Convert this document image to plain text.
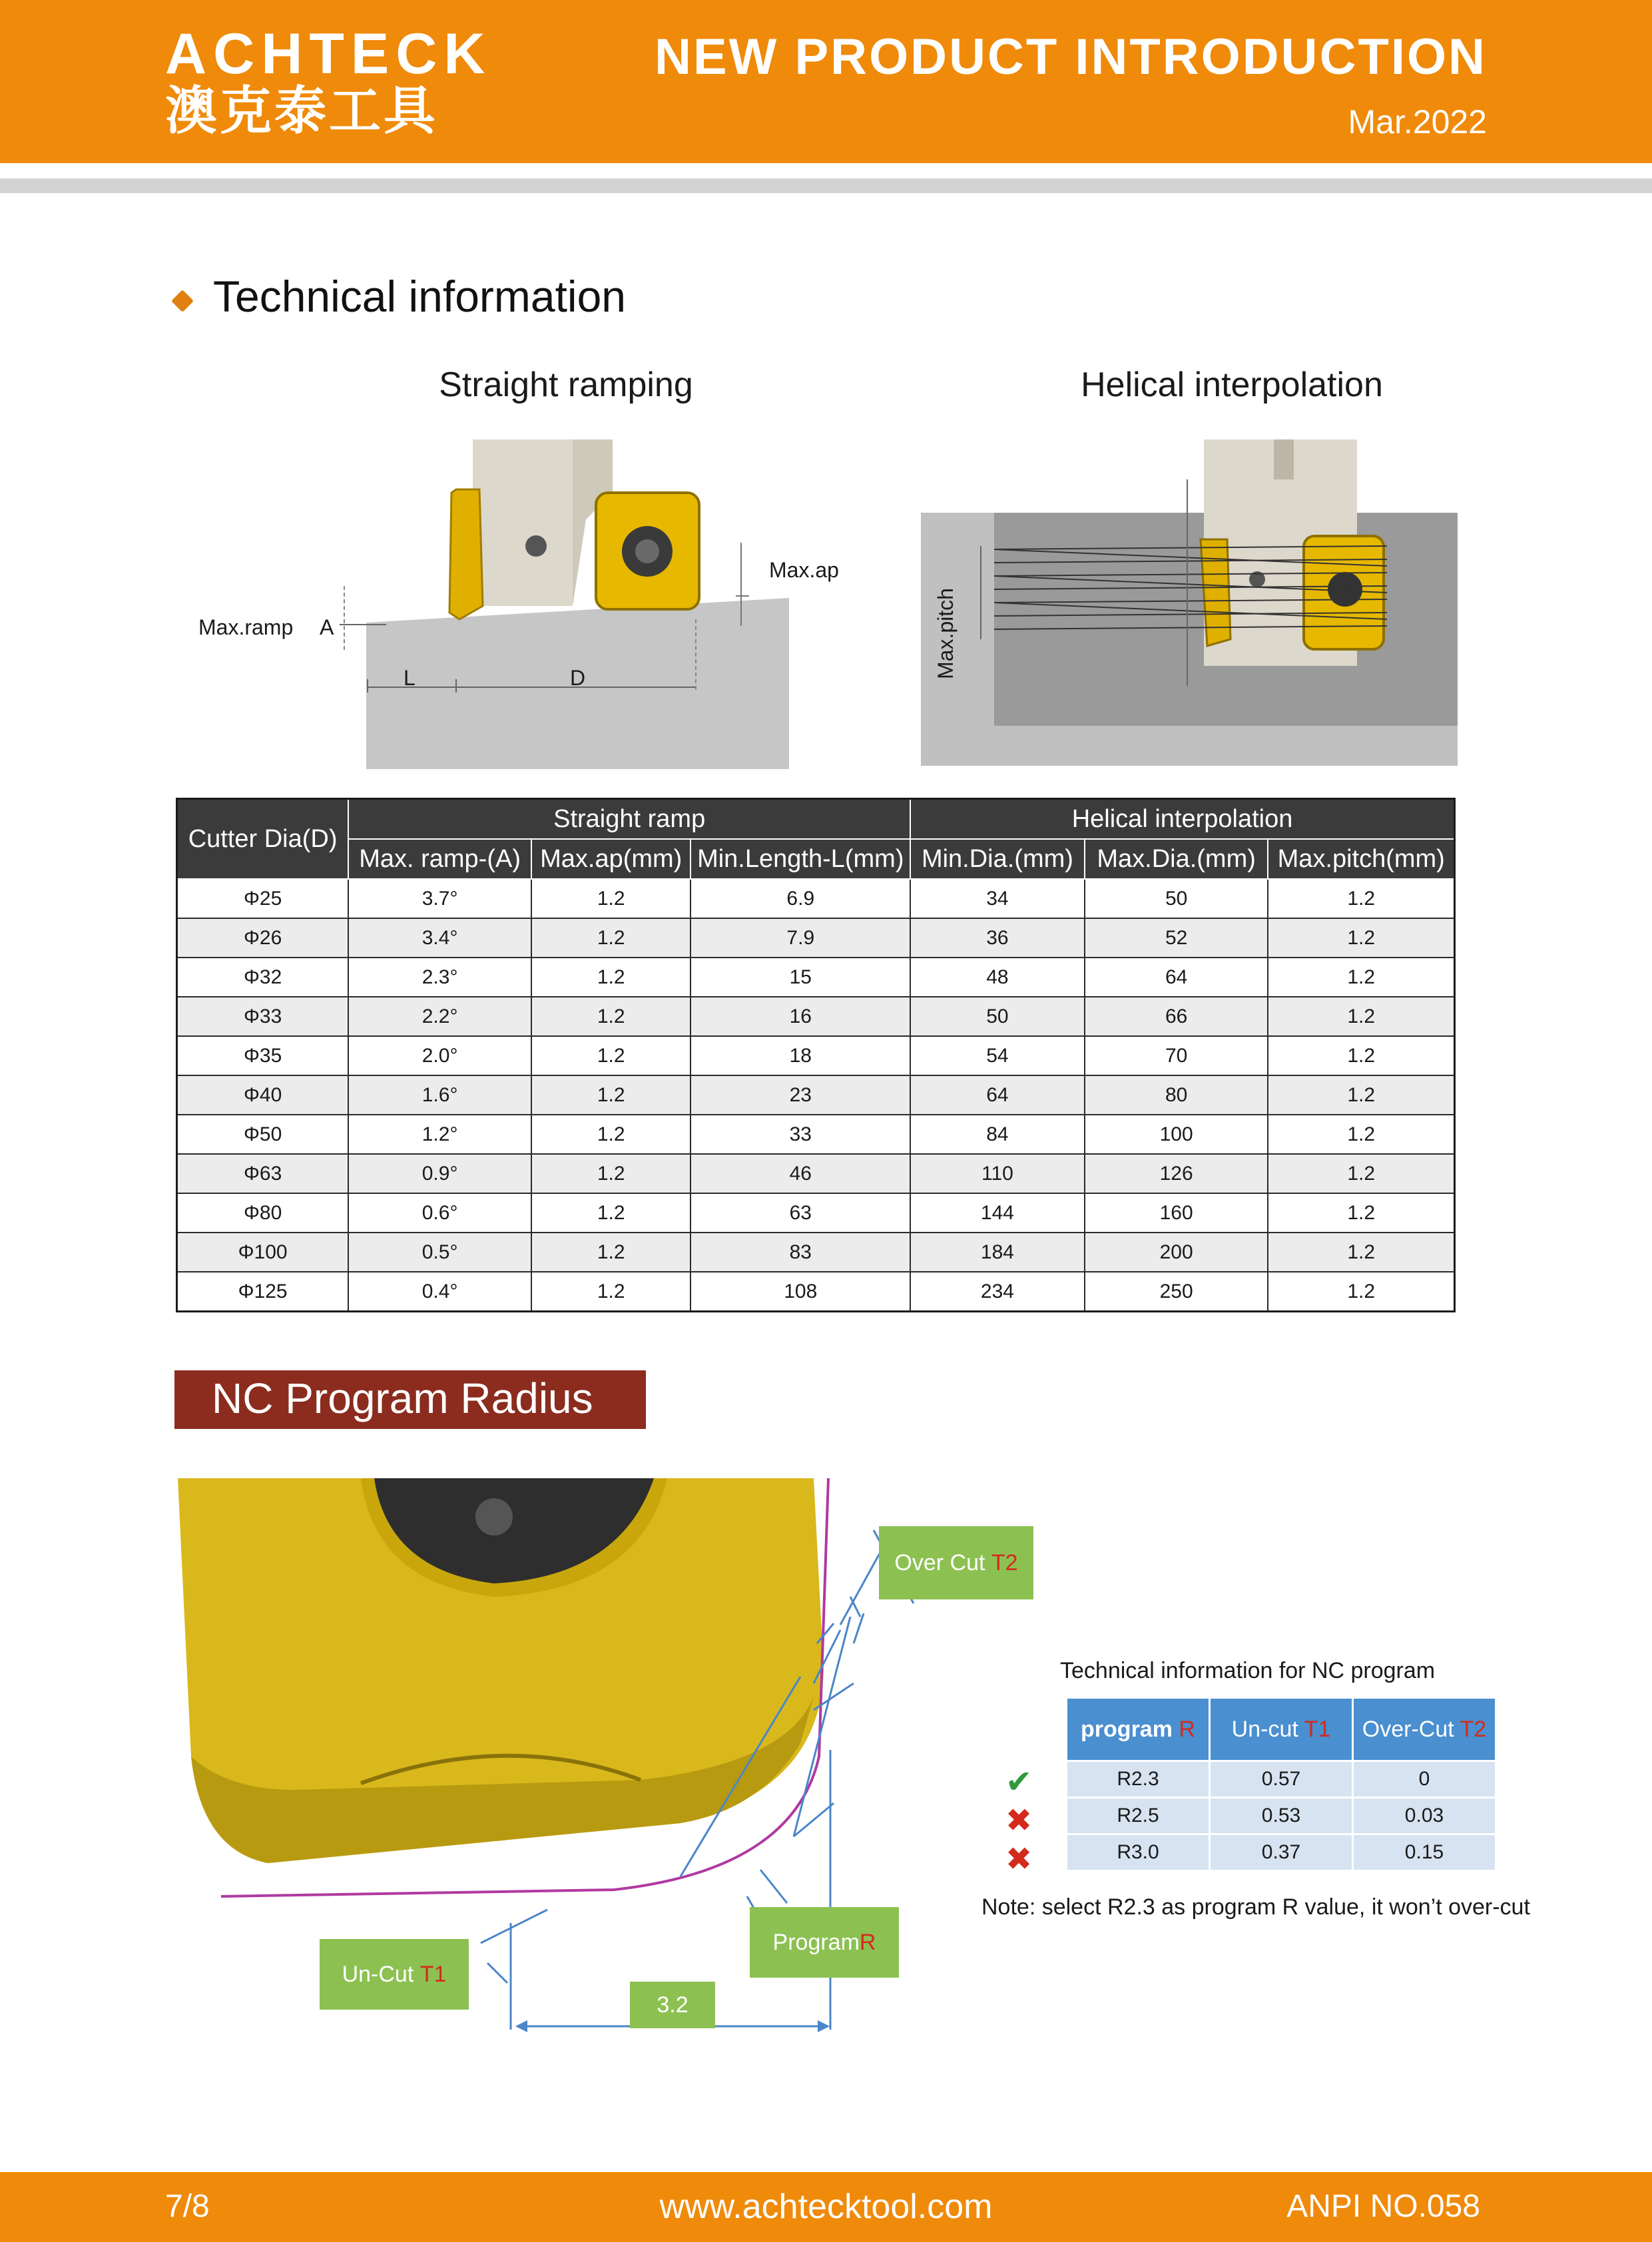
ACHTECK
澳克泰工具
NEW PRODUCT INTRODUCTION
Mar.2022
Technical information
Straight ramping	Helical interpolation
Max.ap
Max.ramp A
L	D	Max.pitch
Cutter Dia(D)	Straight ramp			Helical interpolation		
	Max. ramp-(A)	Max.ap(mm)	Min.Length-L(mm)	Min.Dia.(mm)	Max.Dia.(mm)	Max.pitch(mm)
Φ25	3.7°	1.2	6.9	34	50	1.2
Φ26	3.4°	1.2	7.9	36	52	1.2
Φ32	2.3°	1.2	15	48	64	1.2
Φ33	2.2°	1.2	16	50	66	1.2
Φ35	2.0°	1.2	18	54	70	1.2
Φ40	1.6°	1.2	23	64	80	1.2
Φ50	1.2°	1.2	33	84	100	1.2
Φ63	0.9°	1.2	46	110	126	1.2
Φ80	0.6°	1.2	63	144	160	1.2
Φ100	0.5°	1.2	83	184	200	1.2
Φ125	0.4°	1.2	108	234	250	1.2
NC Program Radius
Over Cut
T2
Program R
Un-Cut
T1
3.2
Technical information for NC program
✔
✖
✖
program R	Un-cut T1	Over-Cut T2
R2.3	0.57	0
R2.5	0.53	0.03
R3.0	0.37	0.15
Note: select R2.3 as program R value, it won’t over-cut
7/8	www.achtecktool.com	ANPI NO.058
